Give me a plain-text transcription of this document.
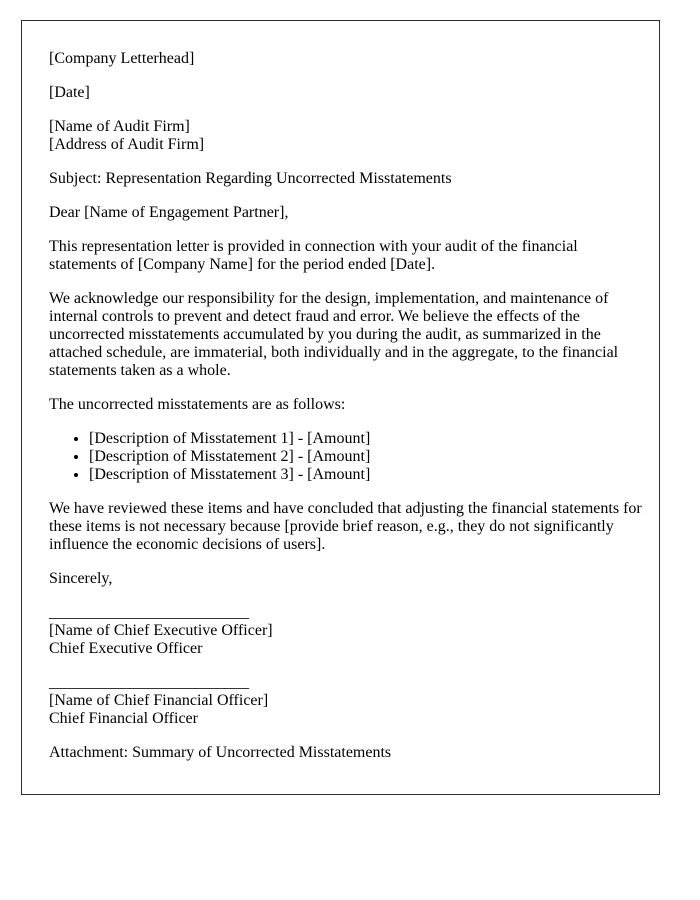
[Company Letterhead]

[Date]

[Name of Audit Firm]
[Address of Audit Firm]

Subject: Representation Regarding Uncorrected Misstatements

Dear [Name of Engagement Partner],

This representation letter is provided in connection with your audit of the financial statements of [Company Name] for the period ended [Date].

We acknowledge our responsibility for the design, implementation, and maintenance of internal controls to prevent and detect fraud and error. We believe the effects of the uncorrected misstatements accumulated by you during the audit, as summarized in the attached schedule, are immaterial, both individually and in the aggregate, to the financial statements taken as a whole.

The uncorrected misstatements are as follows:

• [Description of Misstatement 1] - [Amount]
• [Description of Misstatement 2] - [Amount]
• [Description of Misstatement 3] - [Amount]

We have reviewed these items and have concluded that adjusting the financial statements for these items is not necessary because [provide brief reason, e.g., they do not significantly influence the economic decisions of users].

Sincerely,

_________________________
[Name of Chief Executive Officer]
Chief Executive Officer

_________________________
[Name of Chief Financial Officer]
Chief Financial Officer

Attachment: Summary of Uncorrected Misstatements
